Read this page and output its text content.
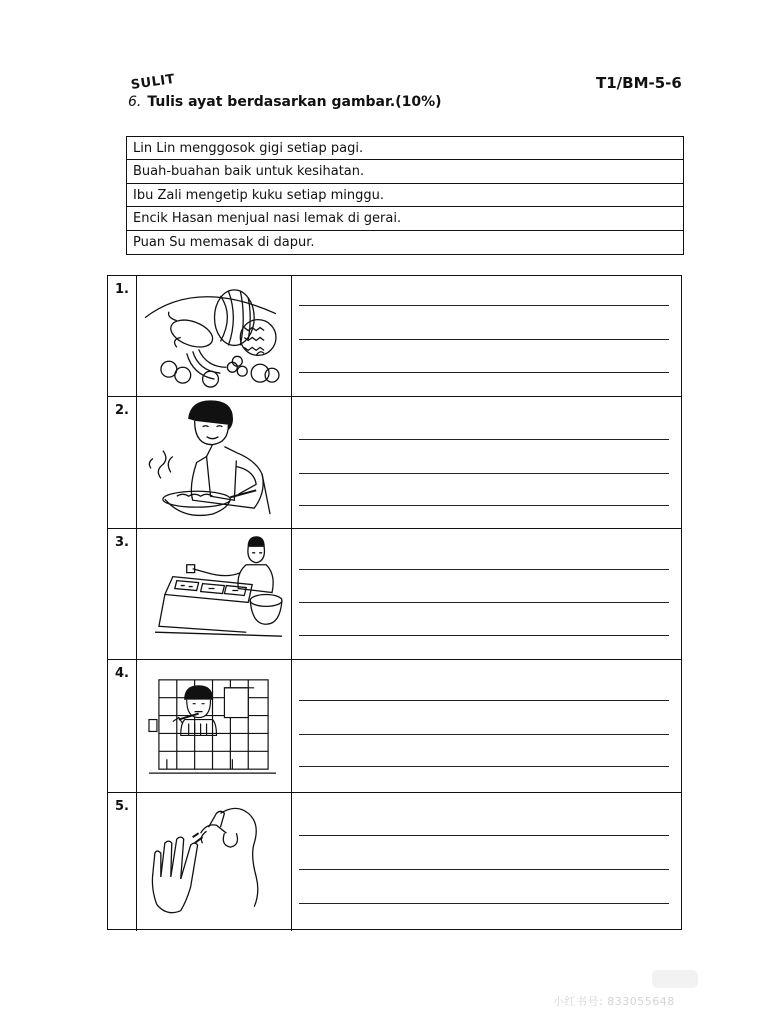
SULIT	T1/BM-5-6
6. Tulis ayat berdasarkan gambar.(10%)
Lin Lin menggosok gigi setiap pagi.
Buah-buahan baik untuk kesihatan.
Ibu Zali mengetip kuku setiap minggu.
Encik Hasan menjual nasi lemak di gerai.
Puan Su memasak di dapur.
1.
2.
3.
4.
5.
小红书号: 833055648
